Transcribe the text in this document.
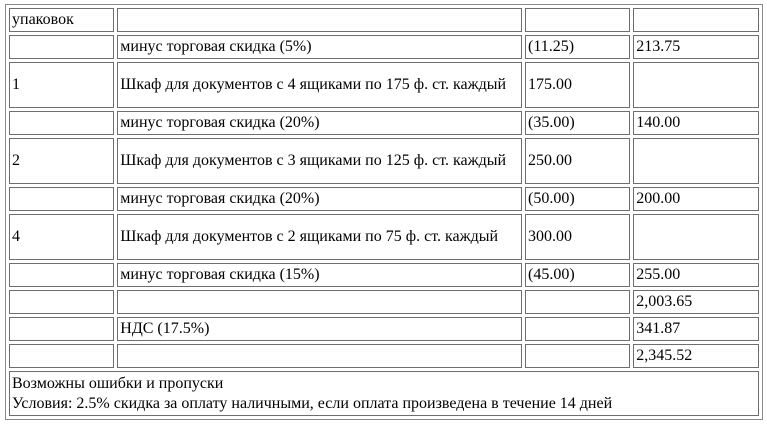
упаковок			
	минус торговая скидка (5%)	(11.25)	213.75
1	Шкаф для документов с 4 ящиками по 175 ф. ст. каждый	175.00	
	минус торговая скидка (20%)	(35.00)	140.00
2	Шкаф для документов с 3 ящиками по 125 ф. ст. каждый	250.00	
	минус торговая скидка (20%)	(50.00)	200.00
4	Шкаф для документов с 2 ящиками по 75 ф. ст. каждый	300.00	
	минус торговая скидка (15%)	(45.00)	255.00
			2,003.65
	НДС (17.5%)		341.87
			2,345.52

Возможны ошибки и пропуски
Условия: 2.5% скидка за оплату наличными, если оплата произведена в течение 14 дней			
